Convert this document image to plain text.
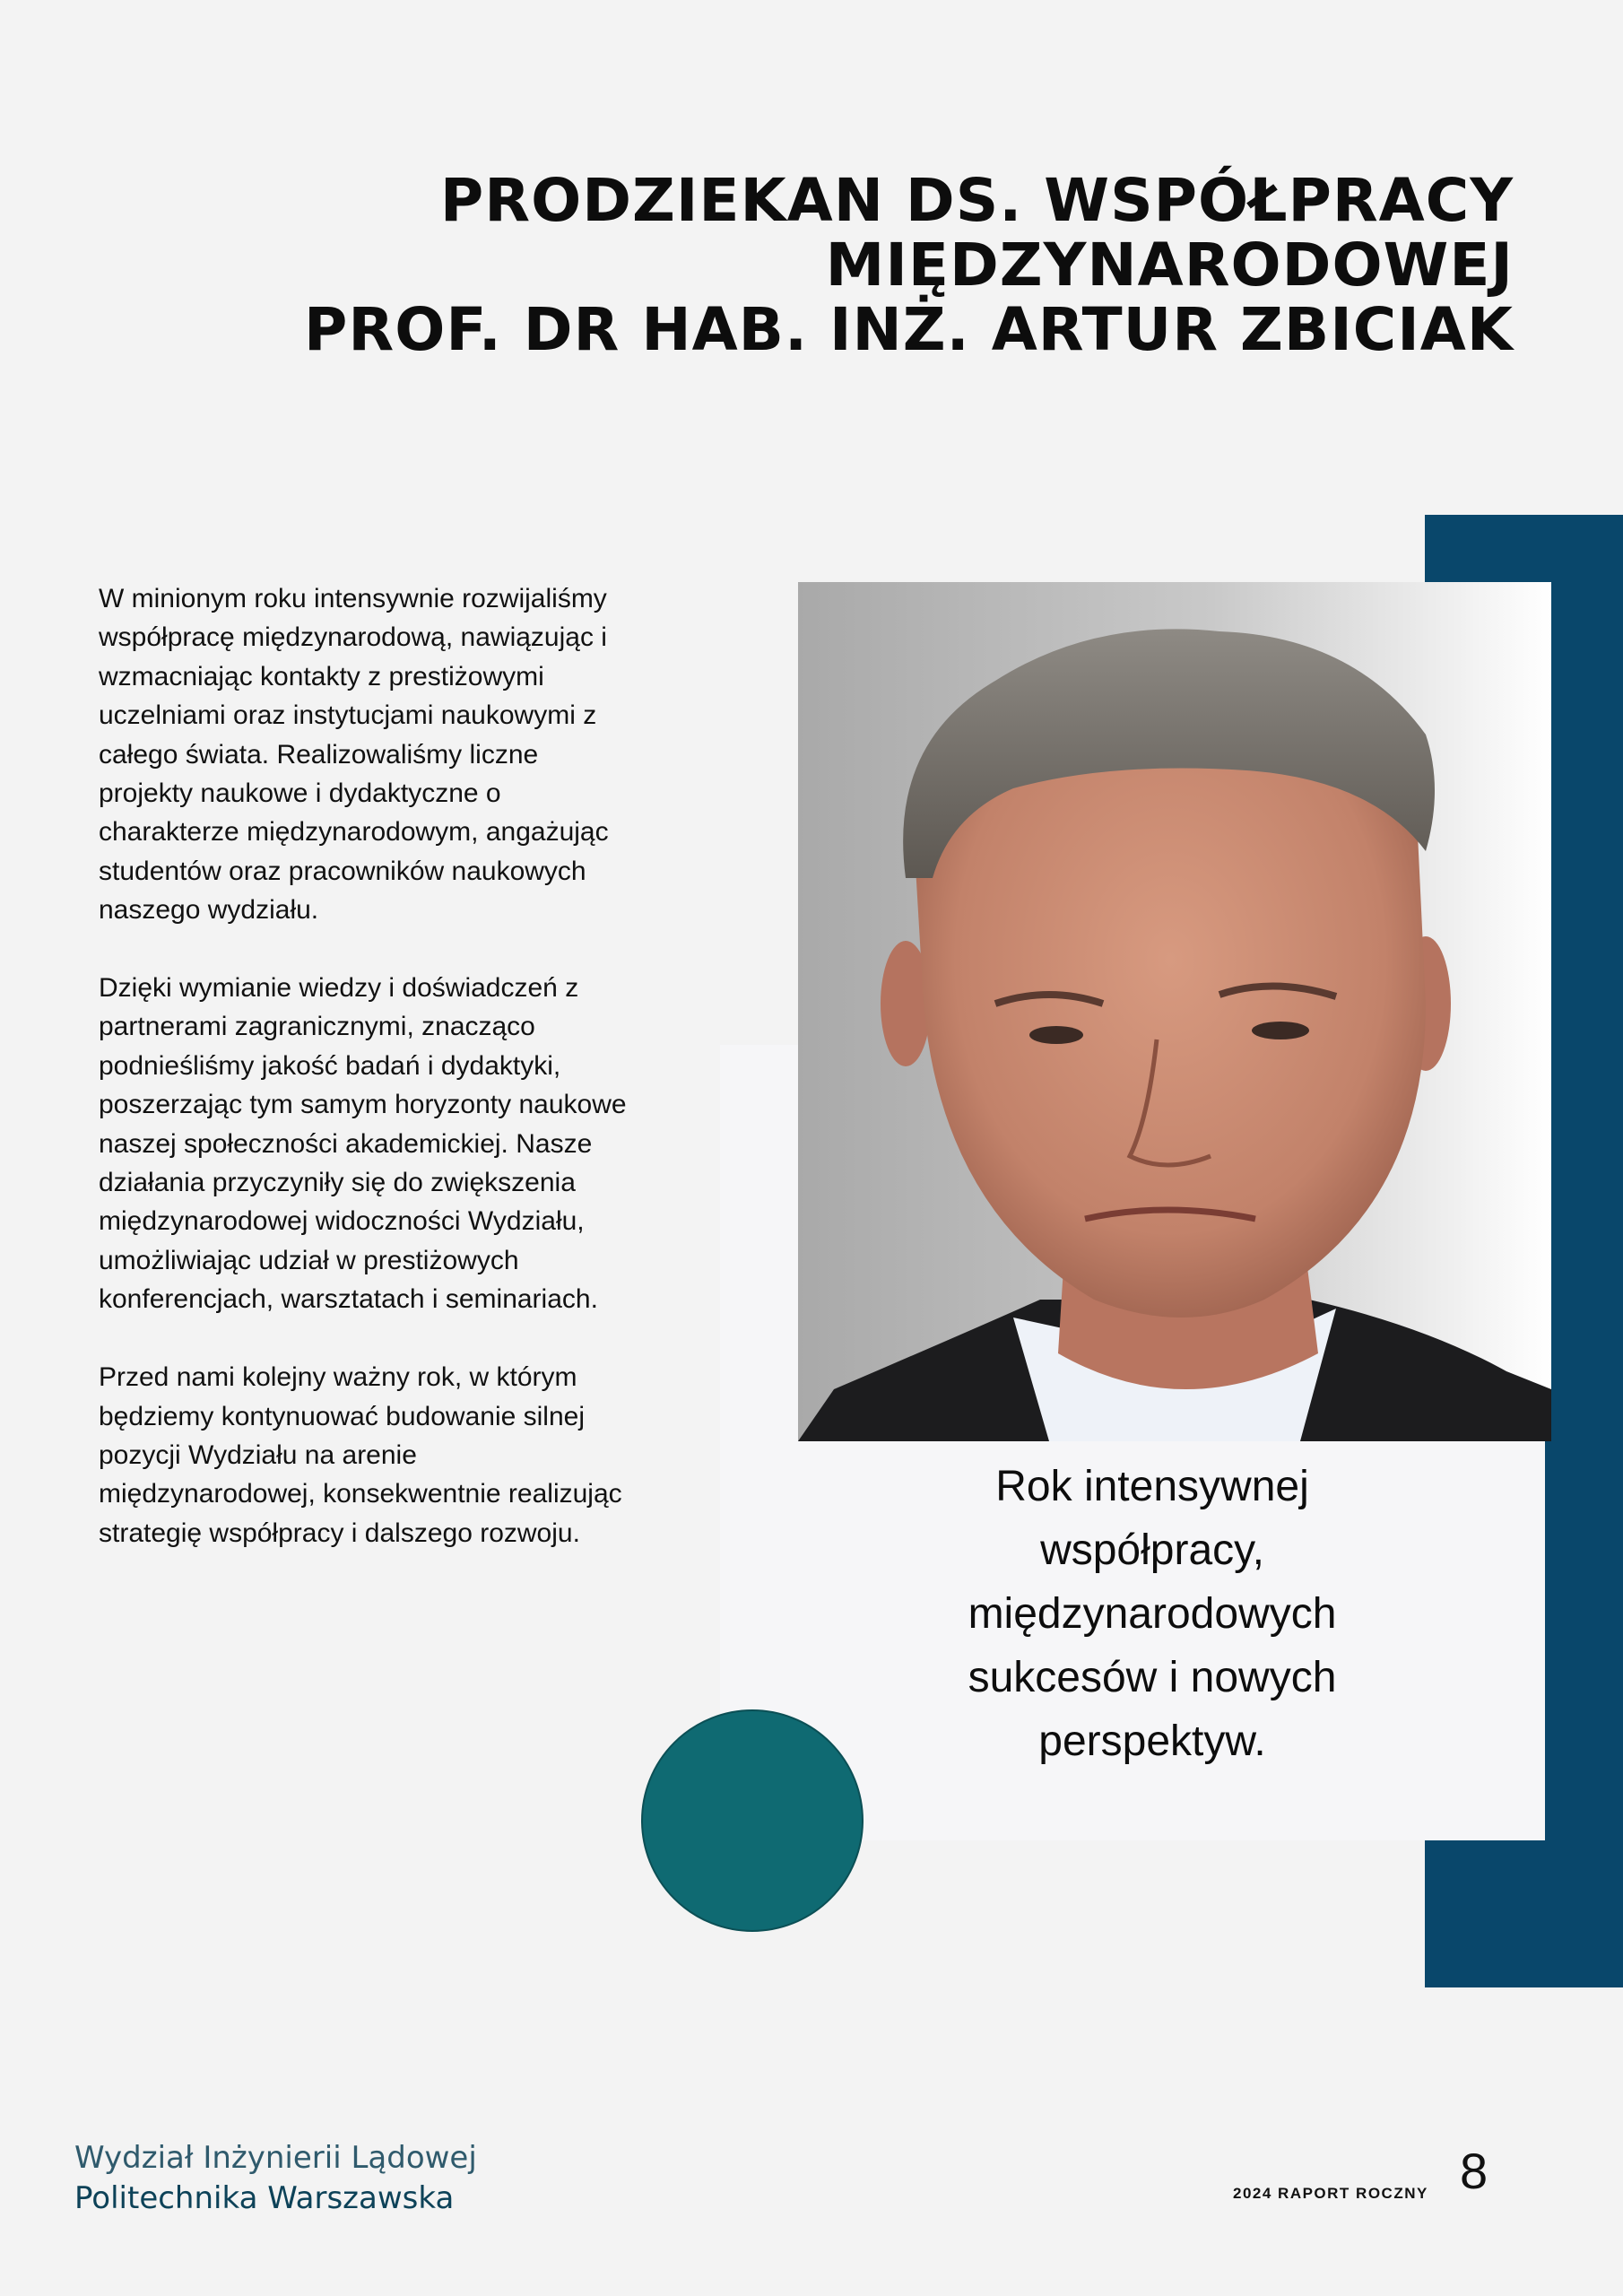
PRODZIEKAN DS. WSPÓŁPRACY
MIĘDZYNARODOWEJ
PROF. DR HAB. INŻ. ARTUR ZBICIAK

W minionym roku intensywnie rozwijaliśmy współpracę międzynarodową, nawiązując i wzmacniając kontakty z prestiżowymi uczelniami oraz instytucjami naukowymi z całego świata. Realizowaliśmy liczne projekty naukowe i dydaktyczne o charakterze międzynarodowym, angażując studentów oraz pracowników naukowych naszego wydziału.

Dzięki wymianie wiedzy i doświadczeń z partnerami zagranicznymi, znacząco podnieśliśmy jakość badań i dydaktyki, poszerzając tym samym horyzonty naukowe naszej społeczności akademickiej. Nasze działania przyczyniły się do zwiększenia międzynarodowej widoczności Wydziału, umożliwiając udział w prestiżowych konferencjach, warsztatach i seminariach.

Przed nami kolejny ważny rok, w którym będziemy kontynuować budowanie silnej pozycji Wydziału na arenie międzynarodowej, konsekwentnie realizując strategię współpracy i dalszego rozwoju.

Rok intensywnej
współpracy,
międzynarodowych
sukcesów i nowych
perspektyw.
Wydział Inżynierii Lądowej
Politechnika Warszawska	2024 RAPORT ROCZNY 8
